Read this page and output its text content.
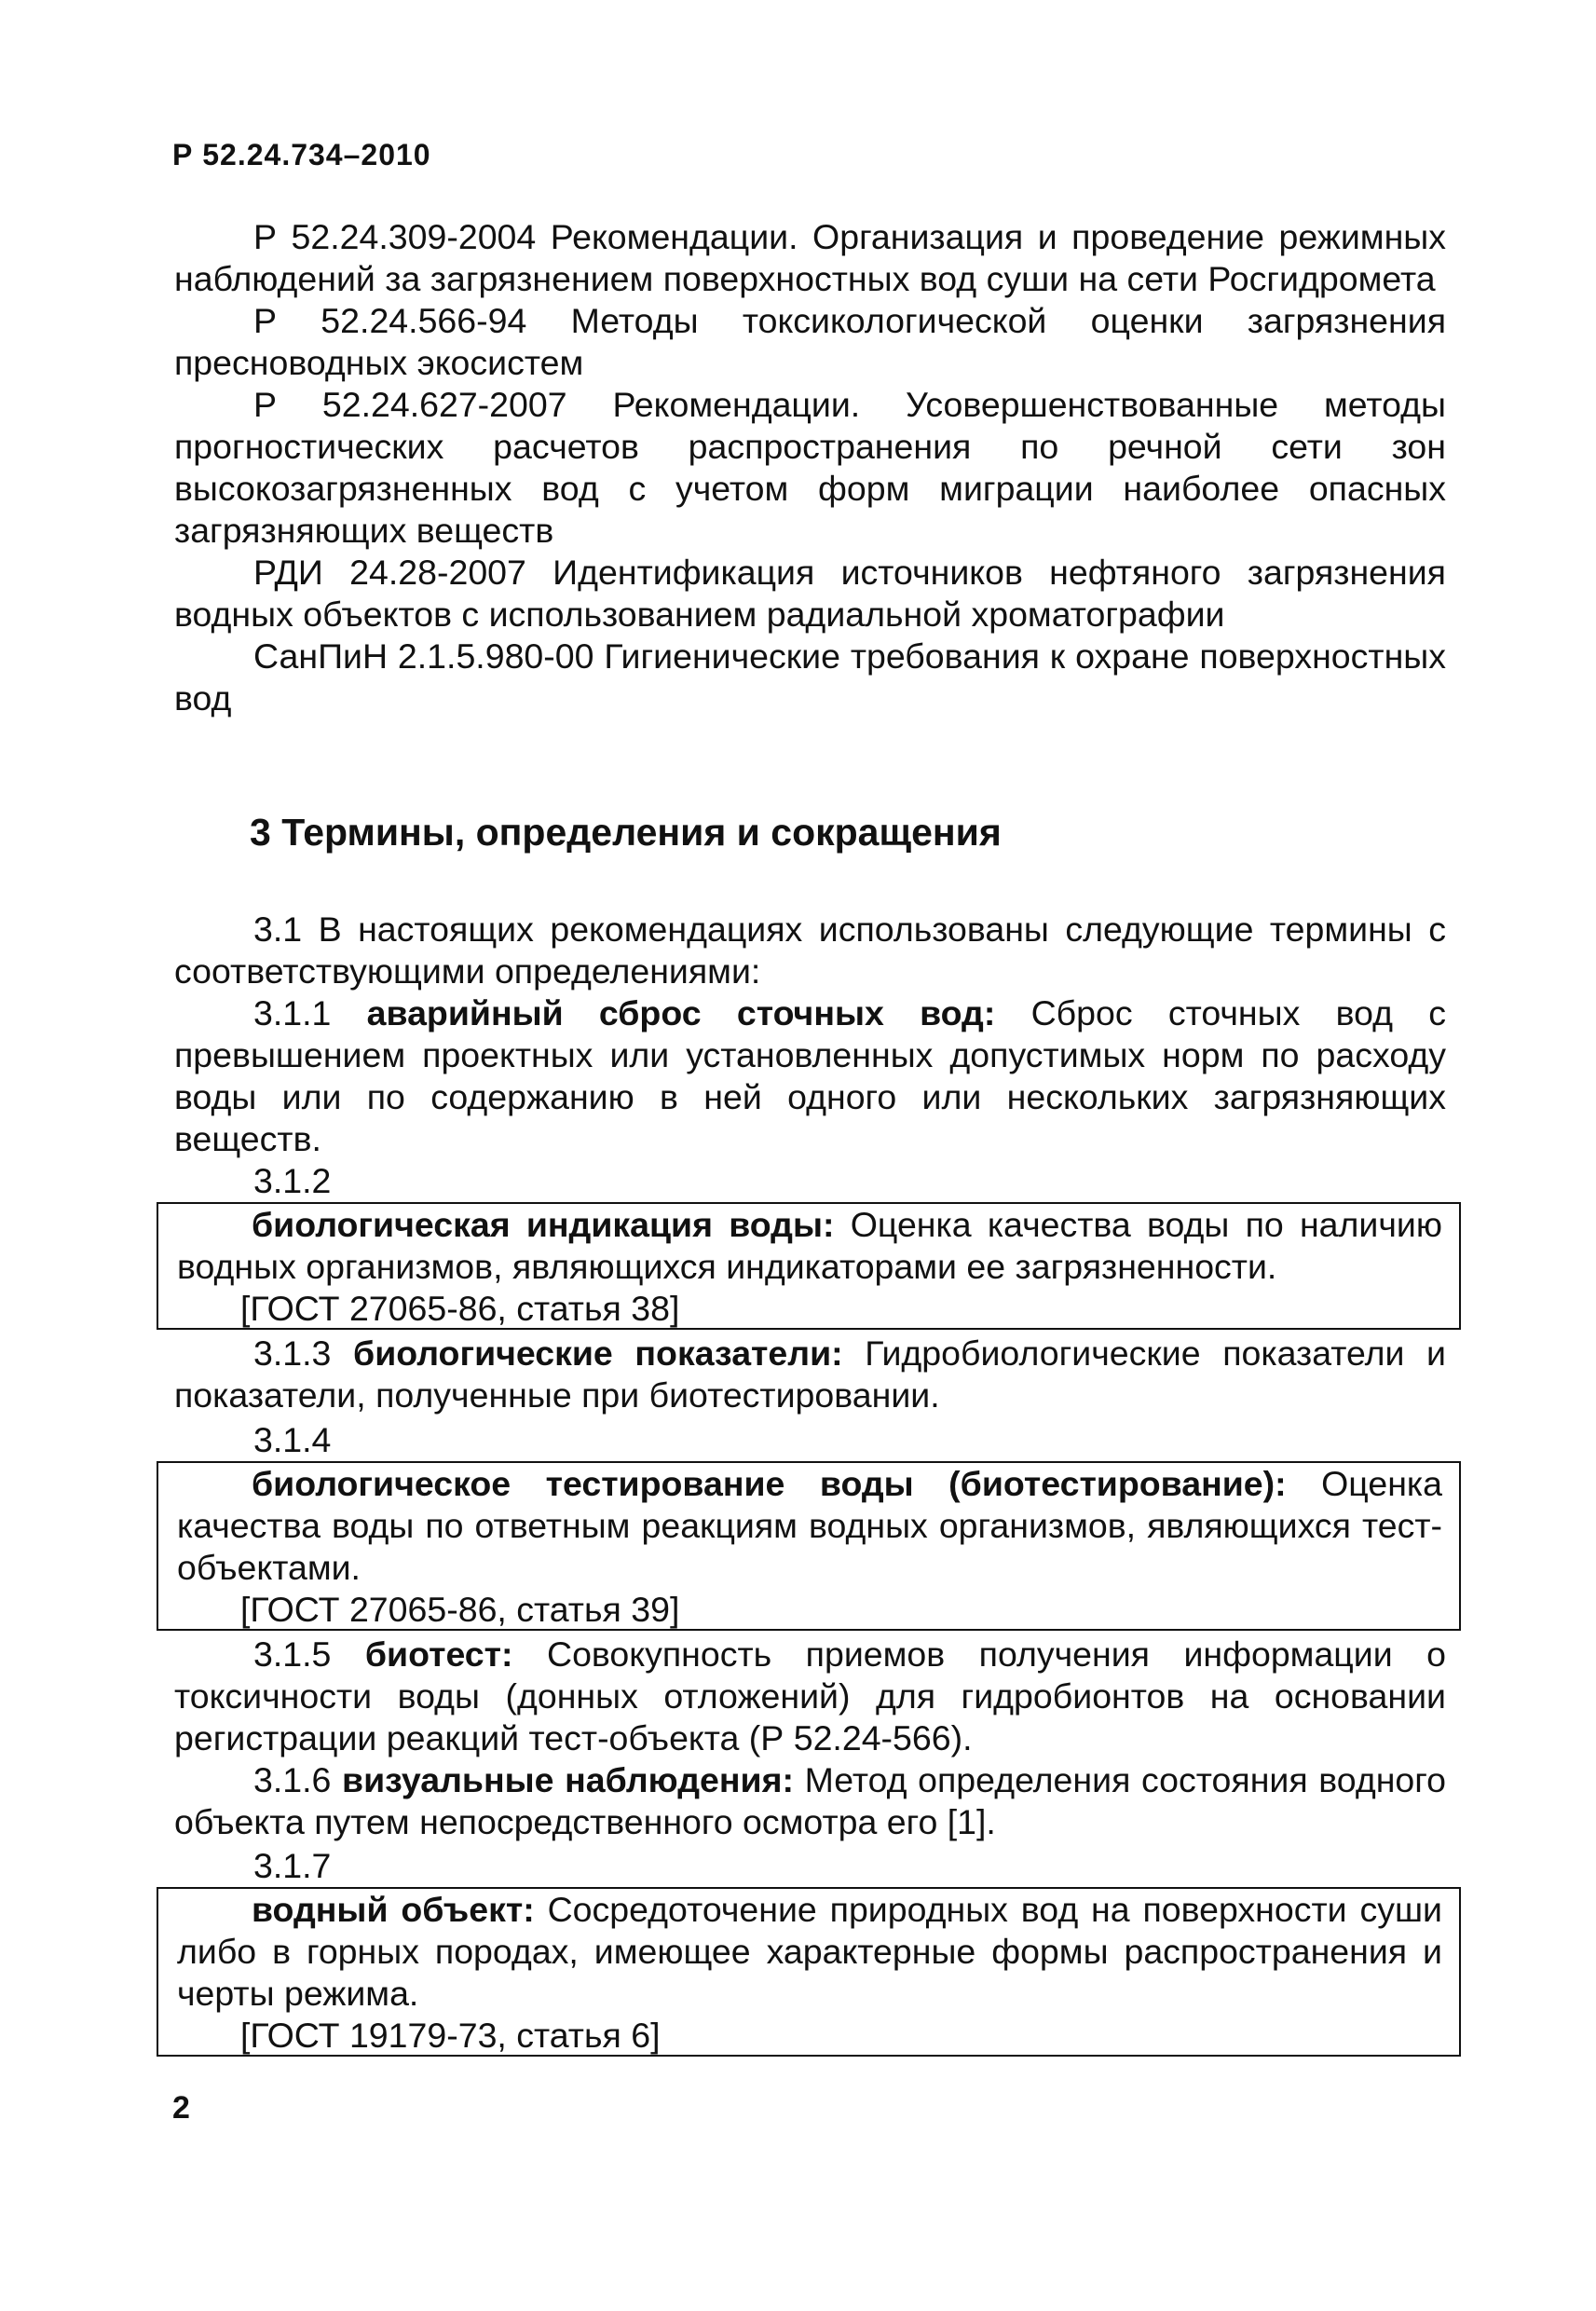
Р 52.24.734–2010

Р 52.24.309-2004 Рекомендации. Организация и проведение режимных наблюдений за загрязнением поверхностных вод суши на сети Росгидромета

Р 52.24.566-94 Методы токсикологической оценки загрязнения пресноводных экосистем

Р 52.24.627-2007 Рекомендации. Усовершенствованные методы прогностических расчетов распространения по речной сети зон высокозагрязненных вод с учетом форм миграции наиболее опасных загрязняющих веществ

РДИ 24.28-2007 Идентификация источников нефтяного загрязнения водных объектов с использованием радиальной хроматографии

СанПиН 2.1.5.980-00 Гигиенические требования к охране поверхностных вод

3 Термины, определения и сокращения

3.1 В настоящих рекомендациях использованы следующие термины с соответствующими определениями:

3.1.1 аварийный сброс сточных вод: Сброс сточных вод с превышением проектных или установленных допустимых норм по расходу воды или по содержанию в ней одного или нескольких загрязняющих веществ.

3.1.2

биологическая индикация воды: Оценка качества воды по наличию водных организмов, являющихся индикаторами ее загрязненности.

[ГОСТ 27065-86, статья 38]

3.1.3 биологические показатели: Гидробиологические показатели и показатели, полученные при биотестировании.

3.1.4

биологическое тестирование воды (биотестирование): Оценка качества воды по ответным реакциям водных организмов, являющихся тест-объектами.

[ГОСТ 27065-86, статья 39]

3.1.5 биотест: Совокупность приемов получения информации о токсичности воды (донных отложений) для гидробионтов на основании регистрации реакций тест-объекта (Р 52.24-566).

3.1.6 визуальные наблюдения: Метод определения состояния водного объекта путем непосредственного осмотра его [1].

3.1.7

водный объект: Сосредоточение природных вод на поверхности суши либо в горных породах, имеющее характерные формы распространения и черты режима.

[ГОСТ 19179-73, статья 6]

2
